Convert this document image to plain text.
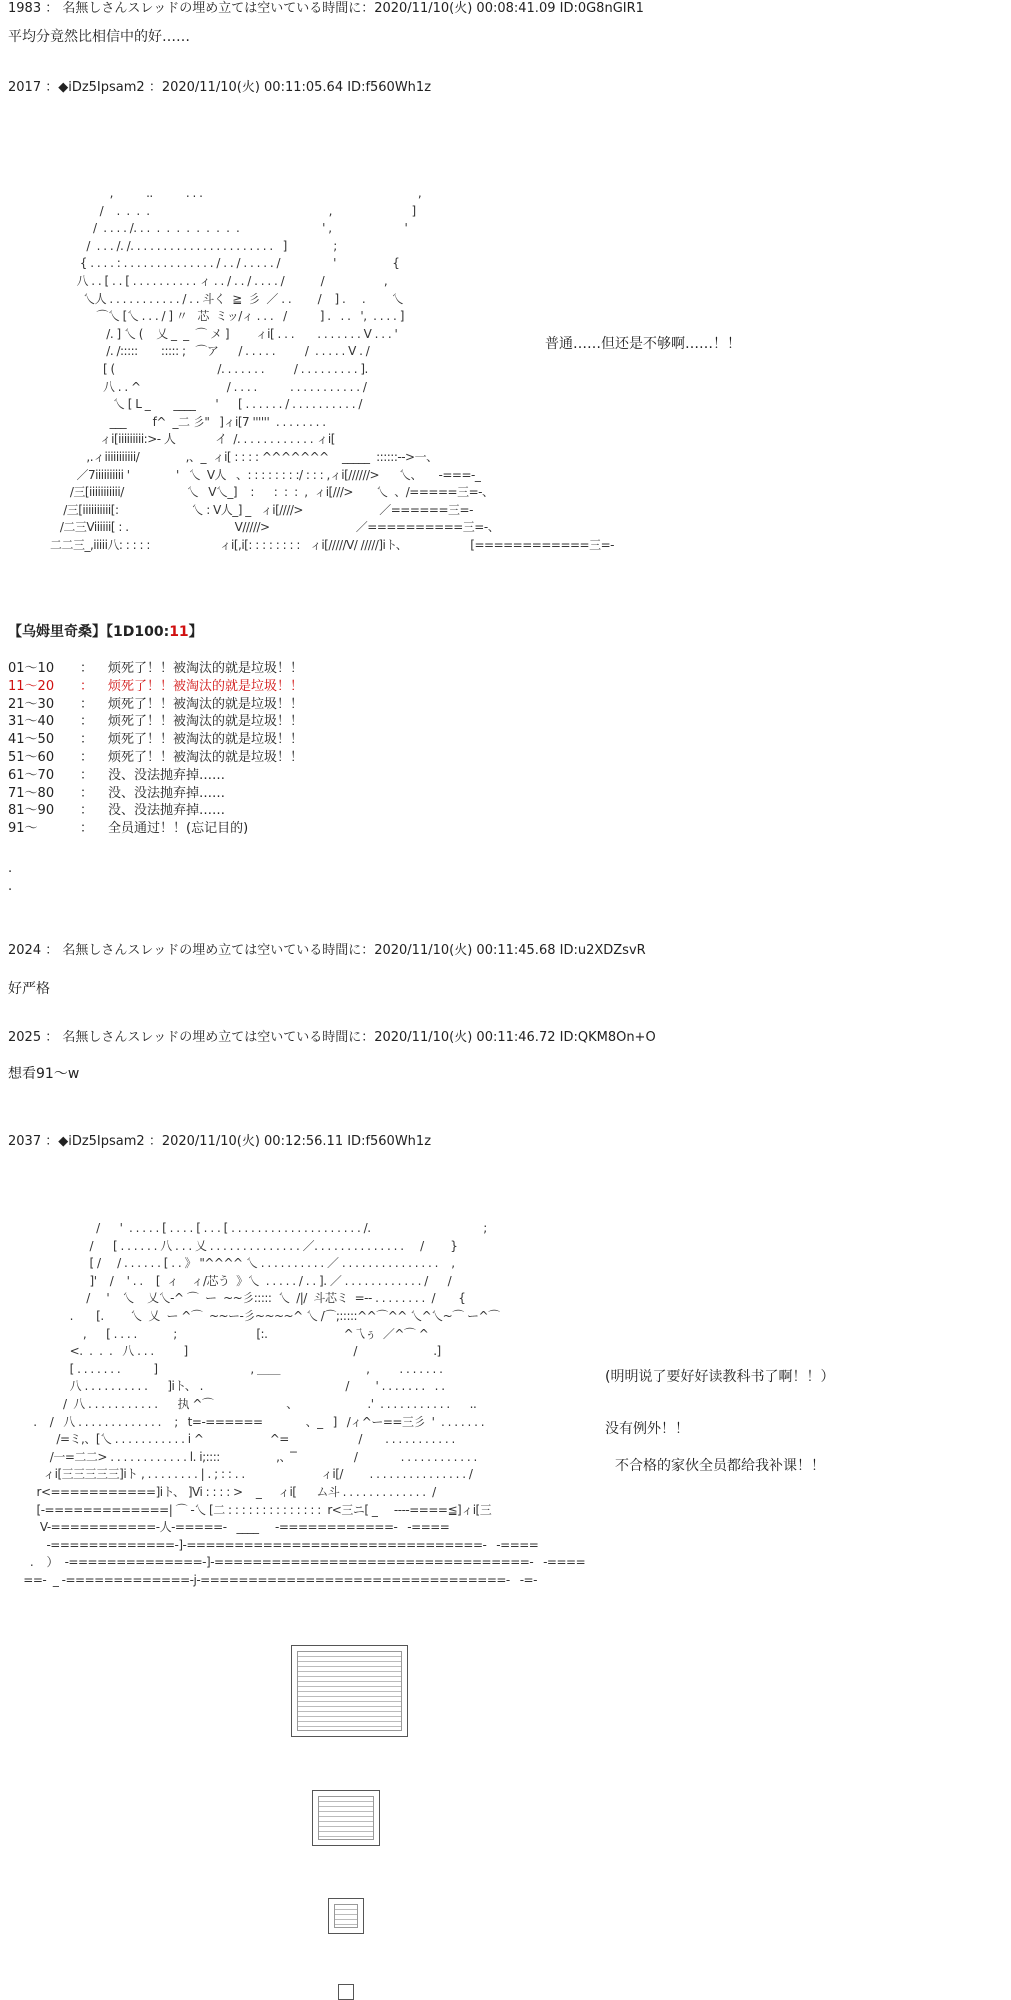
1983 ： 名無しさんスレッドの埋め立ては空いている時間に：2020/11/10(火) 00:08:41.09 ID:0G8nGIR1
平均分竟然比相信中的好……
2017 ：◆iDz5Ipsam2 ：2020/11/10(火) 00:11:05.64 ID:f560Wh1z
,          ..          . . .                                                                 ,
/    .  .  .  .                                                      ,                        ]
/  . . . . /. . .  .  .  .  .  .  .  .  .  .                         ' ,                      '
/  . . . /. /. . . . . . . . . . . . . . . . . . . . . .   ]              ;
{ . . . . : . . . . . . . . . . . . . . / . . / . . . . . /                '                 {
八 . . [ . . [ . . . . . . . . . . ィ . . / . . / . . . . /           /                  ,
乀人 . . . . . . . . . . . / . . 斗く  ≧  彡  ／ . .        /    ] .     .        乀
⌒乀 [乀 . . . / ] 〃   芯  ミッ/ィ . . .   /          ] .   . .   ',  . . . . ]
/. ] 乀 (    乂 _  _  ⌒ メ ]        ィi[ . . .       . . . . . . . V . . . '
/. /:::::       ::::: ;   ⌒ア      / . . . . .         /  . . . . . V . /
[ (                               /. . . . . . .         / . . . . . . . . . ].
八 . . ^                          / . . . .          . . . . . . . . . . . /
乀 [ L _       ____      '      [ . . . . . . / . . . . . . . . . . /
___        f^  _二 彡"   ]ィi[7 ''''''  . . . . . . . .
ィi[iiiiiiiii:>- 人            イ  /. . . . . . . . . . . . ィi[
,.ィiiiiiiiiiii/              ,、_  ィi[ : : : : ^^^^^^^    _____  ::::::-->一、
／7iiiiiiiiii '              '   乀  V人   、: : : : : : : :/ : : : ,ィi[//////>      乀、     -===-_
/三[iiiiiiiiiii/                   乀   V乀_]    :      :  :  :  ,  ィi[///>       乀  、/=====三=-、
/三[iiiiiiiiii[:                      乀 : V人_] _   ィi[////>                       ／======三=-
/二三Viiiiii[ : .                                V/////>                          ／==========三=-、
二二三_,iiiii八: : : : :                     ィi[,i[: : : : : : : :   ィi[/////V/ /////]iト、                   [============三=-
普通……但还是不够啊……！！
【乌姆里奇桑】【1D100:11】
01～10 ： 烦死了！！被淘汰的就是垃圾！！
11～20 ： 烦死了！！被淘汰的就是垃圾！！
21～30 ： 烦死了！！被淘汰的就是垃圾！！
31～40 ： 烦死了！！被淘汰的就是垃圾！！
41～50 ： 烦死了！！被淘汰的就是垃圾！！
51～60 ： 烦死了！！被淘汰的就是垃圾！！
61～70 ： 没、没法抛弃掉……
71～80 ： 没、没法抛弃掉……
81～90 ： 没、没法抛弃掉……
91～	： 全员通过！！(忘记目的)
.
.
2024 ： 名無しさんスレッドの埋め立ては空いている時間に：2020/11/10(火) 00:11:45.68 ID:u2XDZsvR
好严格
2025 ： 名無しさんスレッドの埋め立ては空いている時間に：2020/11/10(火) 00:11:46.72 ID:QKM8On+O
想看91～w
2037 ：◆iDz5Ipsam2 ：2020/11/10(火) 00:12:56.11 ID:f560Wh1z
/      '  . . . . . [ . . . . [ . . . [ . . . . . . . . . . . . . . . . . . . . /.                                  ;
/      [ . . . . . . 八 . . . 乂 . . . . . . . . . . . . . . ／. . . . . . . . . . . . . .     /        }
[ /     / . . . . . . [ . . 》 "^^^^ 乀 . . . . . . . . . . ／ . . . . . . . . . . . . . . .    ,
]'    /    ' . .    [  ィ    ィ/芯う  》乀  . . . . . / . . ]. ／ . . . . . . . . . . . . /      /
/     '    乀    乂乀-^ ⌒  ー  ~~彡:::::  乀  /|/  斗芯ミ  =-- . . . . . . . .  /       {
.       [.        乀  乂  ー ^⌒  ~~ー-彡~~~~^ 乀 /⌒;:::::^^⌒^^ 乀^乀~⌒ ー^⌒
,      [ . . . .           ;                        [:.                       ^乁ぅ  ／^⌒ ^
<.  .  .  .   八 . . .         ]                                                  /                       .]
[ . . . . . . .          ]                            , ＿＿                          ,         . . . . . . .
八 . . . . . . . . . .      ]iト、 .                                           /        ' . . . . . . .   . .
/  八 . . . . . . . . . . .      执 ^⌒                      、                     .'  . . . . . . . . . . .      ..
.    /   八 . . . . . . . . . . . . .    ;   t=-======             、_   ]   /ィ^ー==三彡  '  . . . . . . .
/=ミ,、[乀 . . . . . . . . . . . i ^                    ^=                     /       . . . . . . . . . . .
/一=二二> . . . . . . . . . . . . l. i;::::                 ,、 ̄ ̄                 /             . . . . . . . . . . . .
ィi[三三三三三]iト , . . . . . . . . | . ; : : . .                       ィi[/        . . . . . . . . . . . . . . . /
r<===========]iト、 ]Vi : : : : >    _     ィi[      ム斗 . . . . . . . . . . . . .  /
[-=============| ⌒ -乀 [二 : : : : : : : : : : : : : :  r<三ニ[ _     ----====≦]ィi[三
V-===========-人-=====-   ____     -============-   -====
-=============-]-===============================-   -====
.    ）  -==============-]-=================================-   -====
==-  _ -=============-j-================================-   -=-
(明明说了要好好读教科书了啊！！）
没有例外！！
不合格的家伙全员都给我补课！！
